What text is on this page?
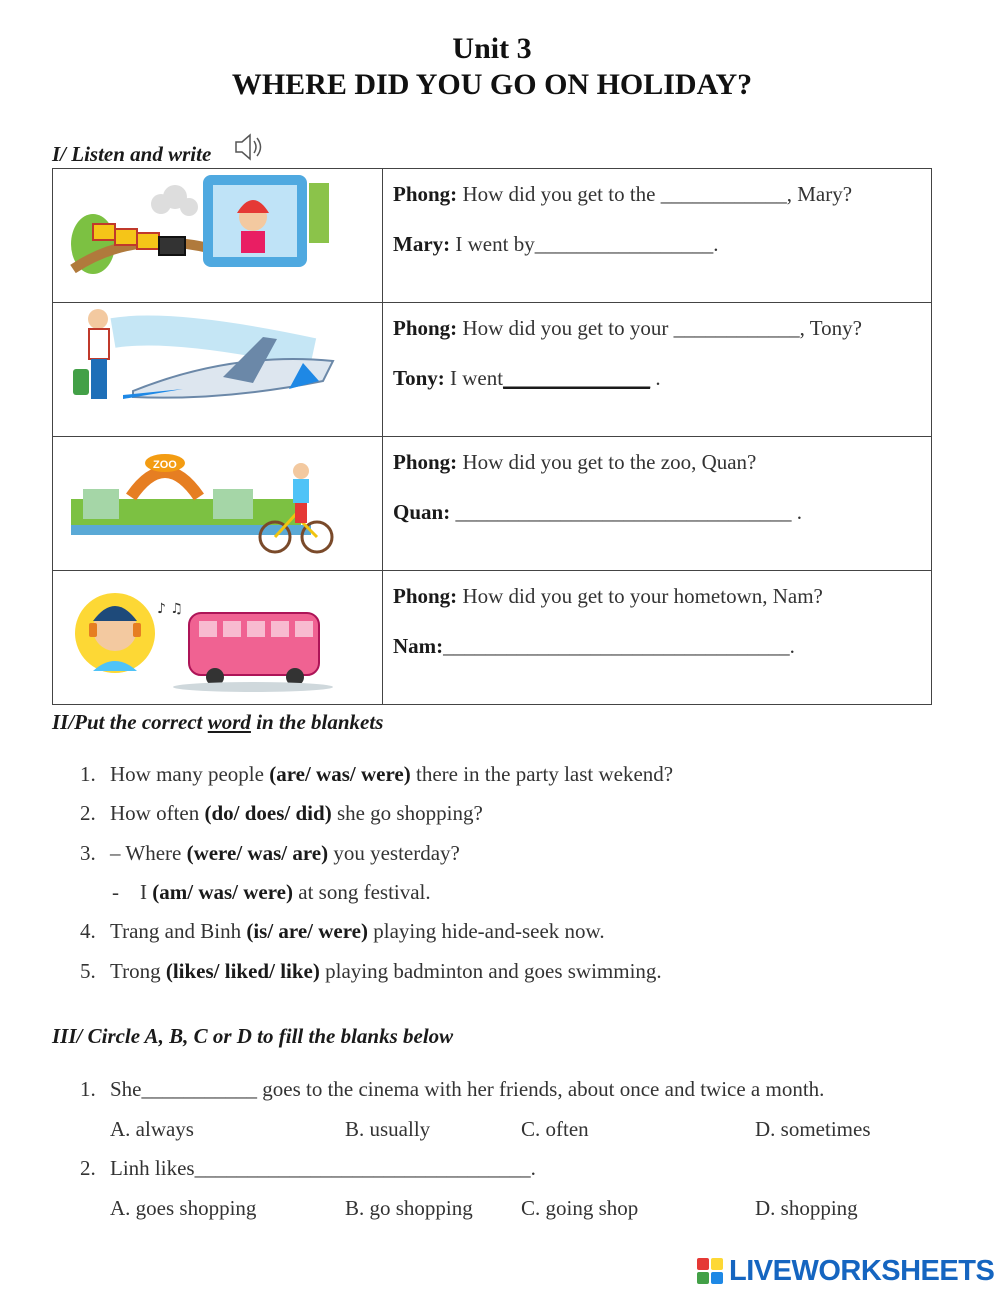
Unit 3
WHERE DID YOU GO ON HOLIDAY?
I/ Listen and write

Phong: How did you get to the ____________, Mary?
Mary: I went by_________________.

Phong: How did you get to your ____________, Tony?
Tony: I went______________ .

ZOO	Phong: How did you get to the zoo, Quan?
Quan: ________________________________ .

♪ ♫	Phong: How did you get to your hometown, Nam?
Nam:_________________________________.
II/Put the correct word in the blankets
1. How many people (are/ was/ were) there in the party last wekend?
2. How often (do/ does/ did) she go shopping?
3. – Where (were/ was/ are) you yesterday?
- I (am/ was/ were) at song festival.
4. Trang and Binh (is/ are/ were) playing hide-and-seek now.
5. Trong (likes/ liked/ like) playing badminton and goes swimming.
III/ Circle A, B, C or D to fill the blanks below
1. She___________ goes to the cinema with her friends, about once and twice a month.
A. always	B. usually	C. often	D. sometimes
2. Linh likes________________________________.
A. goes shopping	B. go shopping C. going shop	D. shopping
LIVEWORKSHEETS
